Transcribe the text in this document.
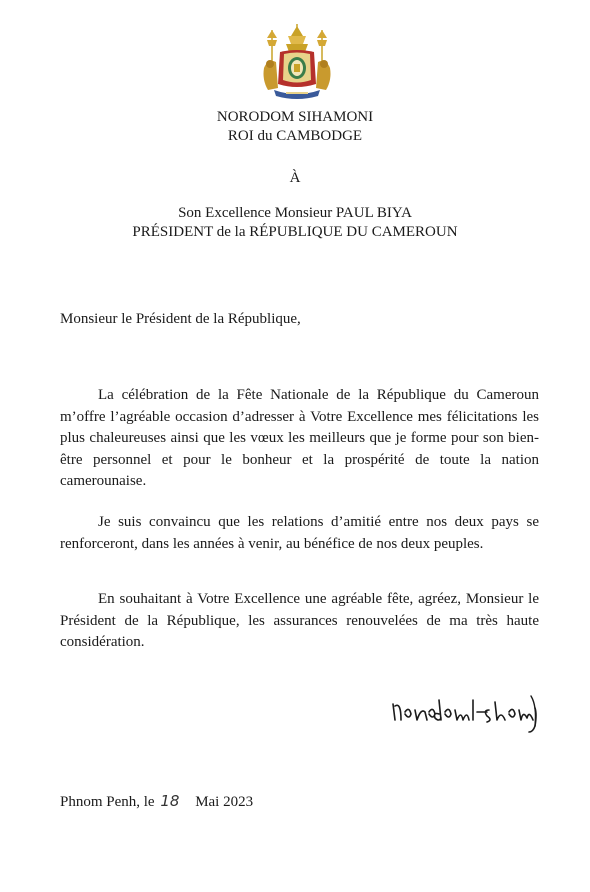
NORODOM SIHAMONI
ROI du CAMBODGE
À
Son Excellence Monsieur PAUL BIYA
PRÉSIDENT de la RÉPUBLIQUE DU CAMEROUN
Monsieur le Président de la République,

La célébration de la Fête Nationale de la République du Cameroun m’offre l’agréable occasion d’adresser à Votre Excellence mes félicitations les plus chaleureuses ainsi que les vœux les meilleurs que je forme pour son bien-être personnel et pour le bonheur et la prospérité de toute la nation camerounaise.

Je suis convaincu que les relations d’amitié entre nos deux pays se renforceront, dans les années à venir, au bénéfice de nos deux peuples.

En souhaitant à Votre Excellence une agréable fête, agréez, Monsieur le Président de la République, les assurances renouvelées de ma très haute considération.

Phnom Penh, le 18 Mai 2023
